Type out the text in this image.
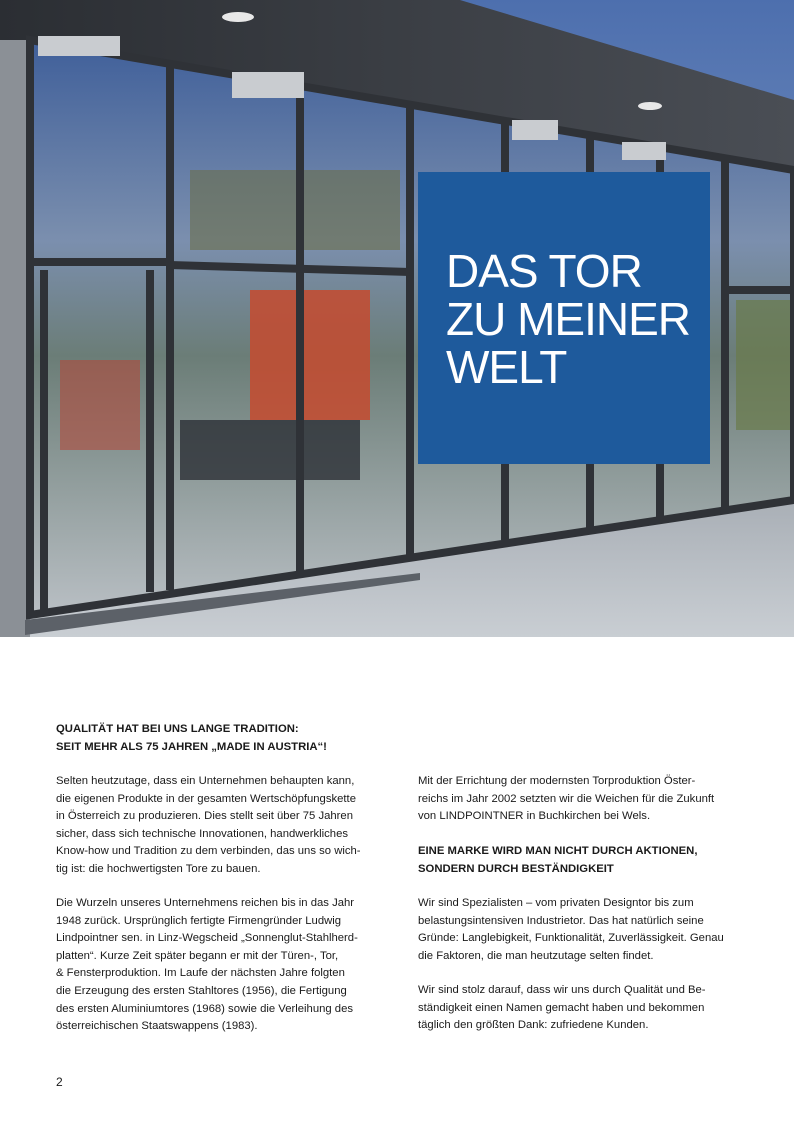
DAS TOR
ZU MEINER
WELT
QUALITÄT HAT BEI UNS LANGE TRADITION:
SEIT MEHR ALS 75 JAHREN „MADE IN AUSTRIA“!
Selten heutzutage, dass ein Unternehmen behaupten kann,
die eigenen Produkte in der gesamten Wertschöpfungskette
in Österreich zu produzieren. Dies stellt seit über 75 Jahren
sicher, dass sich technische Innovationen, handwerkliches
Know-how und Tradition zu dem verbinden, das uns so wich-
tig ist: die hochwertigsten Tore zu bauen.
Die Wurzeln unseres Unternehmens reichen bis in das Jahr
1948 zurück. Ursprünglich fertigte Firmengründer Ludwig
Lindpointner sen. in Linz-Wegscheid „Sonnenglut-Stahlherd-
platten“. Kurze Zeit später begann er mit der Türen-, Tor,
& Fensterproduktion. Im Laufe der nächsten Jahre folgten
die Erzeugung des ersten Stahltores (1956), die Fertigung
des ersten Aluminiumtores (1968) sowie die Verleihung des
österreichischen Staatswappens (1983).
Mit der Errichtung der modernsten Torproduktion Öster-
reichs im Jahr 2002 setzten wir die Weichen für die Zukunft
von LINDPOINTNER in Buchkirchen bei Wels.
EINE MARKE WIRD MAN NICHT DURCH AKTIONEN,
SONDERN DURCH BESTÄNDIGKEIT
Wir sind Spezialisten – vom privaten Designtor bis zum
belastungsintensiven Industrietor. Das hat natürlich seine
Gründe: Langlebigkeit, Funktionalität, Zuverlässigkeit. Genau
die Faktoren, die man heutzutage selten findet.
Wir sind stolz darauf, dass wir uns durch Qualität und Be-
ständigkeit einen Namen gemacht haben und bekommen
täglich den größten Dank: zufriedene Kunden.
2
